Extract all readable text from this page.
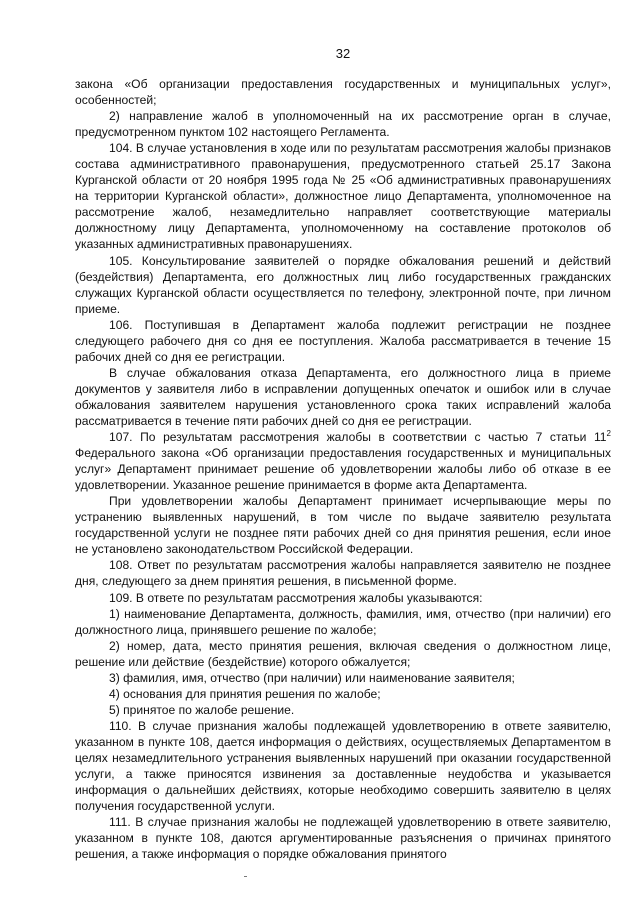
32

закона «Об организации предоставления государственных и муниципальных услуг», особенностей;

2) направление жалоб в уполномоченный на их рассмотрение орган в случае, предусмотренном пунктом 102 настоящего Регламента.

104. В случае установления в ходе или по результатам рассмотрения жалобы признаков состава административного правонарушения, предусмотренного статьей 25.17 Закона Курганской области от 20 ноября 1995 года № 25 «Об административных правонарушениях на территории Курганской области», должностное лицо Департамента, уполномоченное на рассмотрение жалоб, незамедлительно направляет соответствующие материалы должностному лицу Департамента, уполномоченному на составление протоколов об указанных административных правонарушениях.

105. Консультирование заявителей о порядке обжалования решений и действий (бездействия) Департамента, его должностных лиц либо государственных гражданских служащих Курганской области осуществляется по телефону, электронной почте, при личном приеме.

106. Поступившая в Департамент жалоба подлежит регистрации не позднее следующего рабочего дня со дня ее поступления. Жалоба рассматривается в течение 15 рабочих дней со дня ее регистрации.

В случае обжалования отказа Департамента, его должностного лица в приеме документов у заявителя либо в исправлении допущенных опечаток и ошибок или в случае обжалования заявителем нарушения установленного срока таких исправлений жалоба рассматривается в течение пяти рабочих дней со дня ее регистрации.

107. По результатам рассмотрения жалобы в соответствии с частью 7 статьи $11^2$ Федерального закона «Об организации предоставления государственных и муниципальных услуг» Департамент принимает решение об удовлетворении жалобы либо об отказе в ее удовлетворении. Указанное решение принимается в форме акта Департамента.

При удовлетворении жалобы Департамент принимает исчерпывающие меры по устранению выявленных нарушений, в том числе по выдаче заявителю результата государственной услуги не позднее пяти рабочих дней со дня принятия решения, если иное не установлено законодательством Российской Федерации.

108. Ответ по результатам рассмотрения жалобы направляется заявителю не позднее дня, следующего за днем принятия решения, в письменной форме.

109. В ответе по результатам рассмотрения жалобы указываются:

1) наименование Департамента, должность, фамилия, имя, отчество (при наличии) его должностного лица, принявшего решение по жалобе;

2) номер, дата, место принятия решения, включая сведения о должностном лице, решение или действие (бездействие) которого обжалуется;

3) фамилия, имя, отчество (при наличии) или наименование заявителя;

4) основания для принятия решения по жалобе;

5) принятое по жалобе решение.

110. В случае признания жалобы подлежащей удовлетворению в ответе заявителю, указанном в пункте 108, дается информация о действиях, осуществляемых Департаментом в целях незамедлительного устранения выявленных нарушений при оказании государственной услуги, а также приносятся извинения за доставленные неудобства и указывается информация о дальнейших действиях, которые необходимо совершить заявителю в целях получения государственной услуги.

111. В случае признания жалобы не подлежащей удовлетворению в ответе заявителю, указанном в пункте 108, даются аргументированные разъяснения о причинах принятого решения, а также информация о порядке обжалования принятого
